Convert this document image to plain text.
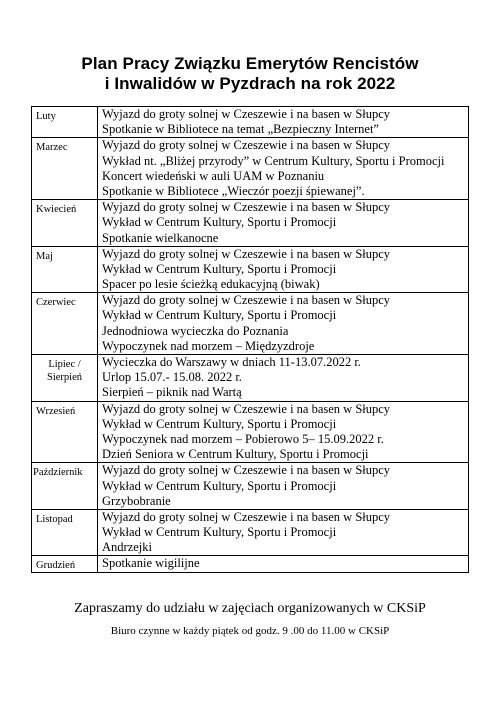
Plan Pracy Związku Emerytów Rencistów
i Inwalidów w Pyzdrach na rok 2022
Luty	Wyjazd do groty solnej w Czeszewie i na basen w Słupcy
Spotkanie w Bibliotece na temat „Bezpieczny Internet”

Marzec	Wyjazd do groty solnej w Czeszewie i na basen w Słupcy
Wykład nt. „Bliżej przyrody” w Centrum Kultury, Sportu i Promocji
Koncert wiedeński w auli UAM w Poznaniu
Spotkanie w Bibliotece „Wieczór poezji śpiewanej”.

Kwiecień	Wyjazd do groty solnej w Czeszewie i na basen w Słupcy
Wykład w Centrum Kultury, Sportu i Promocji
Spotkanie wielkanocne

Maj	Wyjazd do groty solnej w Czeszewie i na basen w Słupcy
Wykład w Centrum Kultury, Sportu i Promocji
Spacer po lesie ścieżką edukacyjną (biwak)

Czerwiec	Wyjazd do groty solnej w Czeszewie i na basen w Słupcy
Wykład w Centrum Kultury, Sportu i Promocji
Jednodniowa wycieczka do Poznania
Wypoczynek nad morzem – Międzyzdroje

Lipiec /
Sierpień	Wycieczka do Warszawy w dniach 11-13.07.2022 r.
Urlop 15.07.- 15.08. 2022 r.
Sierpień – piknik nad Wartą

Wrzesień	Wyjazd do groty solnej w Czeszewie i na basen w Słupcy
Wykład w Centrum Kultury, Sportu i Promocji
Wypoczynek nad morzem – Pobierowo 5– 15.09.2022 r.
Dzień Seniora w Centrum Kultury, Sportu i Promocji

Październik	Wyjazd do groty solnej w Czeszewie i na basen w Słupcy
Wykład w Centrum Kultury, Sportu i Promocji
Grzybobranie

Listopad	Wyjazd do groty solnej w Czeszewie i na basen w Słupcy
Wykład w Centrum Kultury, Sportu i Promocji
Andrzejki

Grudzień	Spotkanie wigilijne
Zapraszamy do udziału w zajęciach organizowanych w CKSiP
Biuro czynne w każdy piątek od godz. 9 .00 do 11.00 w CKSiP
